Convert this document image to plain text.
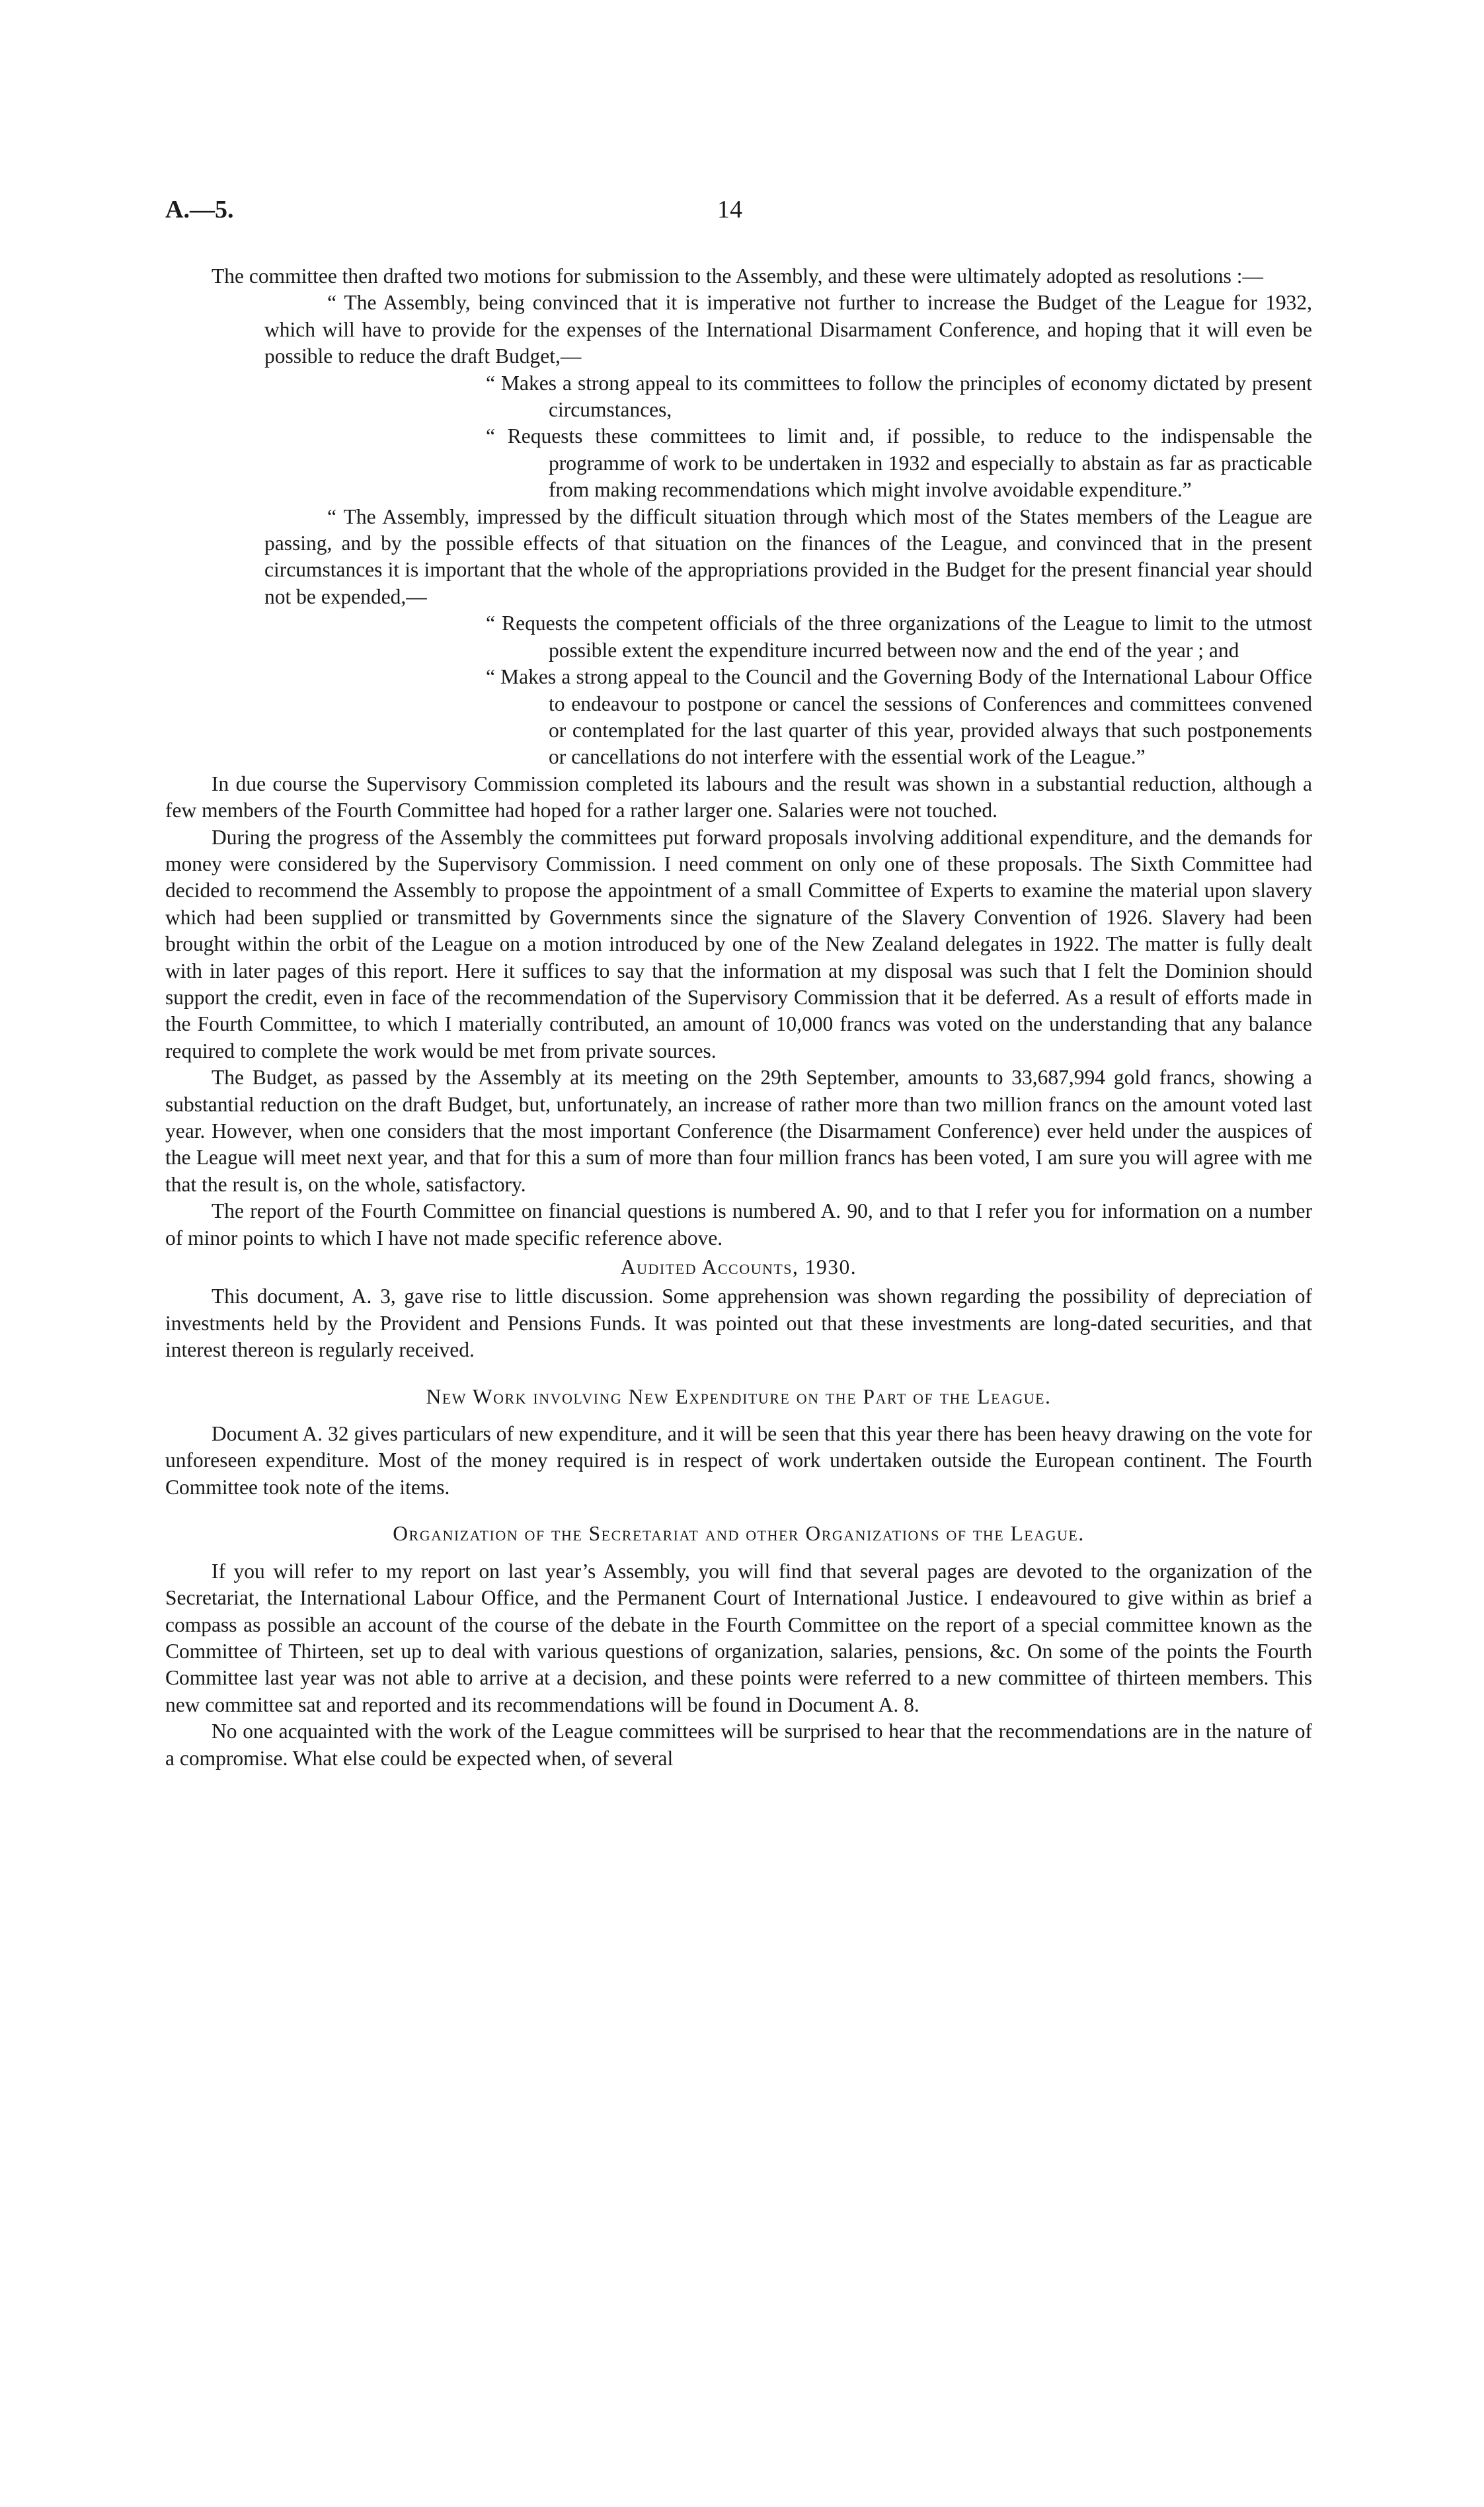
A.—5.	14

The committee then drafted two motions for submission to the Assembly, and these were ultimately adopted as resolutions :—

“ The Assembly, being convinced that it is imperative not further to increase the Budget of the League for 1932, which will have to provide for the expenses of the International Disarmament Conference, and hoping that it will even be possible to reduce the draft Budget,—

“ Makes a strong appeal to its committees to follow the principles of economy dictated by present circumstances,

“ Requests these committees to limit and, if possible, to reduce to the indispensable the programme of work to be undertaken in 1932 and especially to abstain as far as practicable from making recommendations which might involve avoidable expenditure.”

“ The Assembly, impressed by the difficult situation through which most of the States members of the League are passing, and by the possible effects of that situation on the finances of the League, and convinced that in the present circumstances it is important that the whole of the appropriations provided in the Budget for the present financial year should not be expended,—

“ Requests the competent officials of the three organizations of the League to limit to the utmost possible extent the expenditure incurred between now and the end of the year ; and

“ Makes a strong appeal to the Council and the Governing Body of the International Labour Office to endeavour to postpone or cancel the sessions of Conferences and committees convened or contemplated for the last quarter of this year, provided always that such postponements or cancellations do not interfere with the essential work of the League.”

In due course the Supervisory Commission completed its labours and the result was shown in a substantial reduction, although a few members of the Fourth Committee had hoped for a rather larger one. Salaries were not touched.

During the progress of the Assembly the committees put forward proposals involving additional expenditure, and the demands for money were considered by the Supervisory Commission. I need comment on only one of these proposals. The Sixth Committee had decided to recommend the Assembly to propose the appointment of a small Committee of Experts to examine the material upon slavery which had been supplied or transmitted by Governments since the signature of the Slavery Convention of 1926. Slavery had been brought within the orbit of the League on a motion introduced by one of the New Zealand delegates in 1922. The matter is fully dealt with in later pages of this report. Here it suffices to say that the information at my disposal was such that I felt the Dominion should support the credit, even in face of the recommendation of the Supervisory Commission that it be deferred. As a result of efforts made in the Fourth Committee, to which I materially contributed, an amount of 10,000 francs was voted on the understanding that any balance required to complete the work would be met from private sources.

The Budget, as passed by the Assembly at its meeting on the 29th September, amounts to 33,687,994 gold francs, showing a substantial reduction on the draft Budget, but, unfortunately, an increase of rather more than two million francs on the amount voted last year. However, when one considers that the most important Conference (the Disarmament Conference) ever held under the auspices of the League will meet next year, and that for this a sum of more than four million francs has been voted, I am sure you will agree with me that the result is, on the whole, satisfactory.

The report of the Fourth Committee on financial questions is numbered A. 90, and to that I refer you for information on a number of minor points to which I have not made specific reference above.

Audited Accounts, 1930.

This document, A. 3, gave rise to little discussion. Some apprehension was shown regarding the possibility of depreciation of investments held by the Provident and Pensions Funds. It was pointed out that these investments are long-dated securities, and that interest thereon is regularly received.

New Work involving New Expenditure on the Part of the League.

Document A. 32 gives particulars of new expenditure, and it will be seen that this year there has been heavy drawing on the vote for unforeseen expenditure. Most of the money required is in respect of work undertaken outside the European continent. The Fourth Committee took note of the items.

Organization of the Secretariat and other Organizations of the League.

If you will refer to my report on last year’s Assembly, you will find that several pages are devoted to the organization of the Secretariat, the International Labour Office, and the Permanent Court of International Justice. I endeavoured to give within as brief a compass as possible an account of the course of the debate in the Fourth Committee on the report of a special committee known as the Committee of Thirteen, set up to deal with various questions of organization, salaries, pensions, &c. On some of the points the Fourth Committee last year was not able to arrive at a decision, and these points were referred to a new committee of thirteen members. This new committee sat and reported and its recommendations will be found in Document A. 8.

No one acquainted with the work of the League committees will be surprised to hear that the recommendations are in the nature of a compromise. What else could be expected when, of several
